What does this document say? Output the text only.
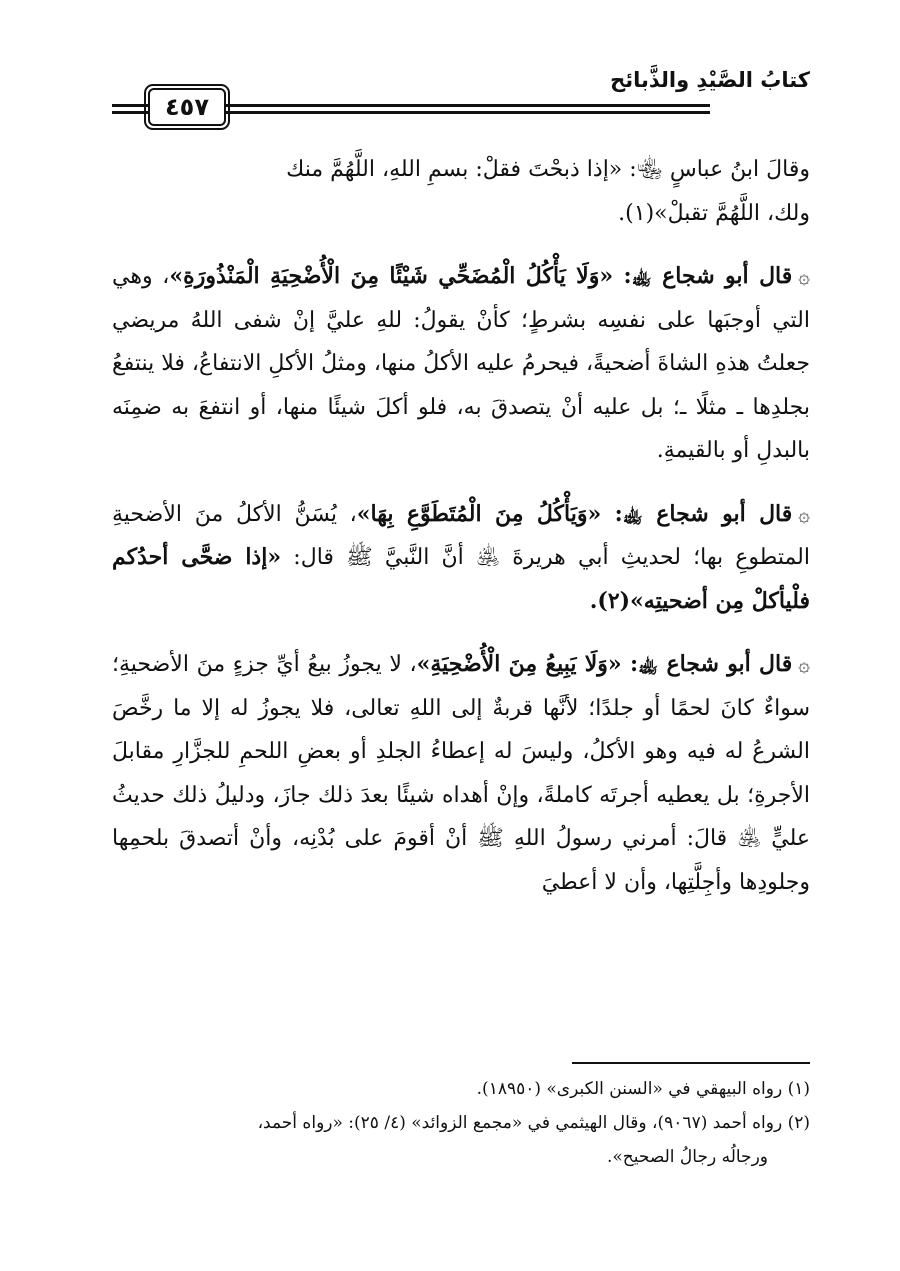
كتابُ الصَّيْدِ والذَّبائح
٤٥٧

وقالَ ابنُ عباسٍ ﵄: «إذا ذبحْتَ فقلْ: بسمِ اللهِ، اللَّهُمَّ منك
ولك، اللَّهُمَّ تقبلْ»(١).

۞قال أبو شجاع ﵀: «وَلَا يَأْكُلُ الْمُضَحِّي شَيْئًا مِنَ الْأُضْحِيَةِ الْمَنْذُورَةِ»، وهي التي أوجبَها على نفسِه بشرطٍ؛ كأنْ يقولُ: للهِ عليَّ إنْ شفى اللهُ مريضي جعلتُ هذهِ الشاةَ أضحيةً، فيحرمُ عليه الأكلُ منها، ومثلُ الأكلِ الانتفاعُ، فلا ينتفعُ بجلدِها ـ مثلًا ـ؛ بل عليه أنْ يتصدقَ به، فلو أكلَ شيئًا منها، أو انتفعَ به ضمِنَه بالبدلِ أو بالقيمةِ.

۞قال أبو شجاع ﵀: «وَيَأْكُلُ مِنَ الْمُتَطَوَّعِ بِهَا»، يُسَنُّ الأكلُ منَ الأضحيةِ المتطوعِ بها؛ لحديثِ أبي هريرةَ ﵁ أنَّ النَّبيَّ ﷺ قال: «إذا ضحَّى أحدُكم فلْيأكلْ مِن أضحيتِه»(٢).

۞قال أبو شجاع ﵀: «وَلَا يَبِيعُ مِنَ الْأُضْحِيَةِ»، لا يجوزُ بيعُ أيِّ جزءٍ منَ الأضحيةِ؛ سواءٌ كانَ لحمًا أو جلدًا؛ لأنَّها قربةٌ إلى اللهِ تعالى، فلا يجوزُ له إلا ما رخَّصَ الشرعُ له فيه وهو الأكلُ، وليسَ له إعطاءُ الجلدِ أو بعضِ اللحمِ للجزَّارِ مقابلَ الأجرةِ؛ بل يعطيه أجرتَه كاملةً، وإنْ أهداه شيئًا بعدَ ذلك جازَ، ودليلُ ذلك حديثُ عليٍّ ﵁ قالَ: أمرني رسولُ اللهِ ﷺ أنْ أقومَ على بُدْنِه، وأنْ أتصدقَ بلحمِها وجلودِها وأجِلَّتِها، وأن لا أعطيَ

(١) رواه البيهقي في «السنن الكبرى» (١٨٩٥٠).

(٢) رواه أحمد (٩٠٦٧)، وقال الهيثمي في «مجمع الزوائد» (٤/ ٢٥): «رواه أحمد،

ورجالُه رجالُ الصحيح».
